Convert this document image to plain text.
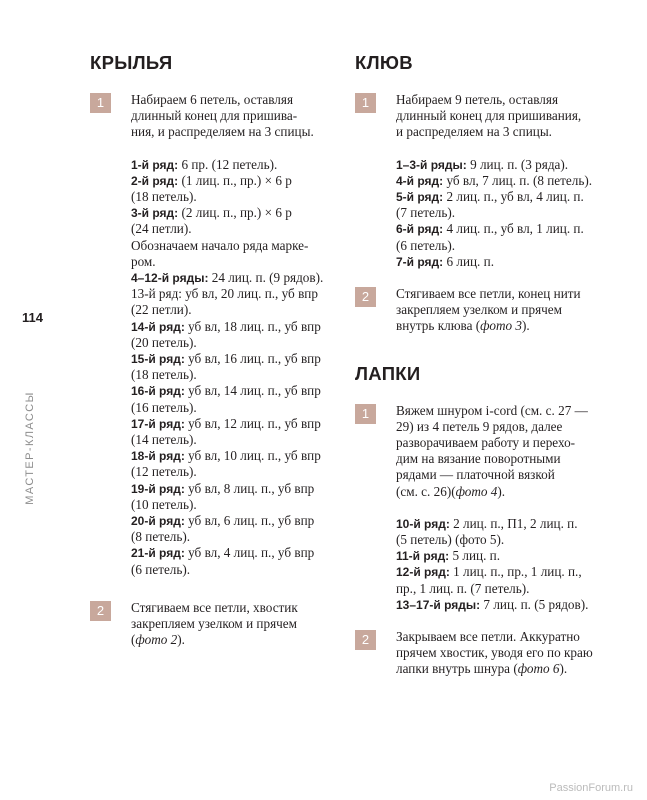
114
МАСТЕР-КЛАССЫ
КРЫЛЬЯ
1	Набираем 6 петель, оставляя
длинный конец для пришива-
ния, и распределяем на 3 спицы.
1-й ряд: 6 пр. (12 петель).
2-й ряд: (1 лиц. п., пр.) × 6 р
(18 петель).
3-й ряд: (2 лиц. п., пр.) × 6 р
(24 петли).
Обозначаем начало ряда марке-
ром.
4–12-й ряды: 24 лиц. п. (9 рядов).
13-й ряд: уб вл, 20 лиц. п., уб впр
(22 петли).
14-й ряд: уб вл, 18 лиц. п., уб впр
(20 петель).
15-й ряд: уб вл, 16 лиц. п., уб впр
(18 петель).
16-й ряд: уб вл, 14 лиц. п., уб впр
(16 петель).
17-й ряд: уб вл, 12 лиц. п., уб впр
(14 петель).
18-й ряд: уб вл, 10 лиц. п., уб впр
(12 петель).
19-й ряд: уб вл, 8 лиц. п., уб впр
(10 петель).
20-й ряд: уб вл, 6 лиц. п., уб впр
(8 петель).
21-й ряд: уб вл, 4 лиц. п., уб впр
(6 петель).
2	Стягиваем все петли, хвостик
закрепляем узелком и прячем
(фото 2).
КЛЮВ
1	Набираем 9 петель, оставляя
длинный конец для пришивания,
и распределяем на 3 спицы.
1–3-й ряды: 9 лиц. п. (3 ряда).
4-й ряд: уб вл, 7 лиц. п. (8 петель).
5-й ряд: 2 лиц. п., уб вл, 4 лиц. п.
(7 петель).
6-й ряд: 4 лиц. п., уб вл, 1 лиц. п.
(6 петель).
7-й ряд: 6 лиц. п.
2	Стягиваем все петли, конец нити
закрепляем узелком и прячем
внутрь клюва (фото 3).
ЛАПКИ
1	Вяжем шнуром i-cord (см. с. 27 —
29) из 4 петель 9 рядов, далее
разворачиваем работу и перехо-
дим на вязание поворотными
рядами — платочной вязкой
(см. с. 26)(фото 4).
10-й ряд: 2 лиц. п., П1, 2 лиц. п.
(5 петель) (фото 5).
11-й ряд: 5 лиц. п.
12-й ряд: 1 лиц. п., пр., 1 лиц. п.,
пр., 1 лиц. п. (7 петель).
13–17-й ряды: 7 лиц. п. (5 рядов).
2	Закрываем все петли. Аккуратно
прячем хвостик, уводя его по краю
лапки внутрь шнура (фото 6).
PassionForum.ru
